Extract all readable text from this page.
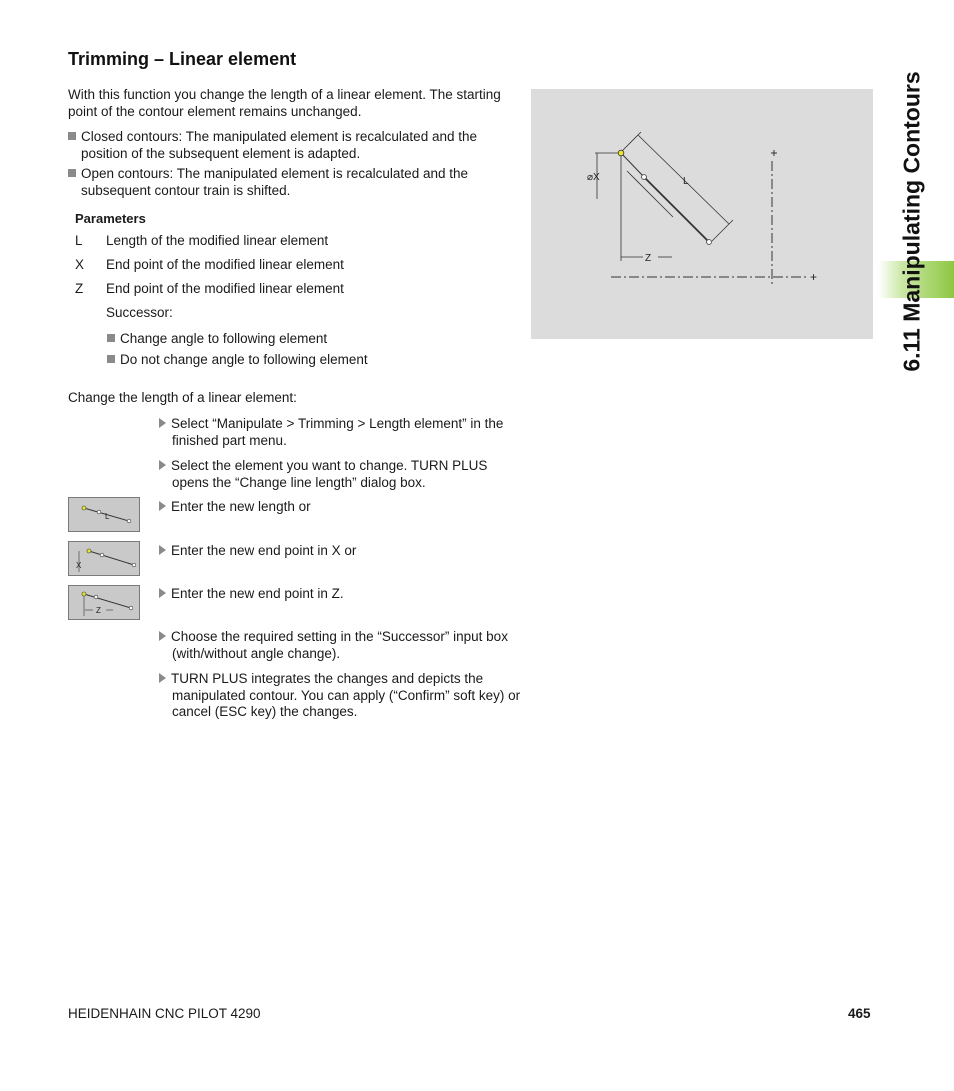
Trimming – Linear element
With this function you change the length of a linear element. The starting point of the contour element remains unchanged.
Closed contours: The manipulated element is recalculated and the position of the subsequent element is adapted.
Open contours: The manipulated element is recalculated and the subsequent contour train is shifted.
Parameters
L Length of the modified linear element
X End point of the modified linear element
Z End point of the modified linear element
Successor:
Change angle to following element
Do not change angle to following element
Change the length of a linear element:
Select “Manipulate > Trimming > Length element” in the finished part menu.
Select the element you want to change. TURN PLUS opens the “Change line length” dialog box.
Enter the new length or
Enter the new end point in X or
Enter the new end point in Z.
Choose the required setting in the “Successor” input box (with/without angle change).
TURN PLUS integrates the changes and depicts the manipulated contour. You can apply (“Confirm” soft key) or cancel (ESC key) the changes.
L
X
Z
+
⌀X
Z
L
6.11 Manipulating Contours
HEIDENHAIN CNC PILOT 4290	465
